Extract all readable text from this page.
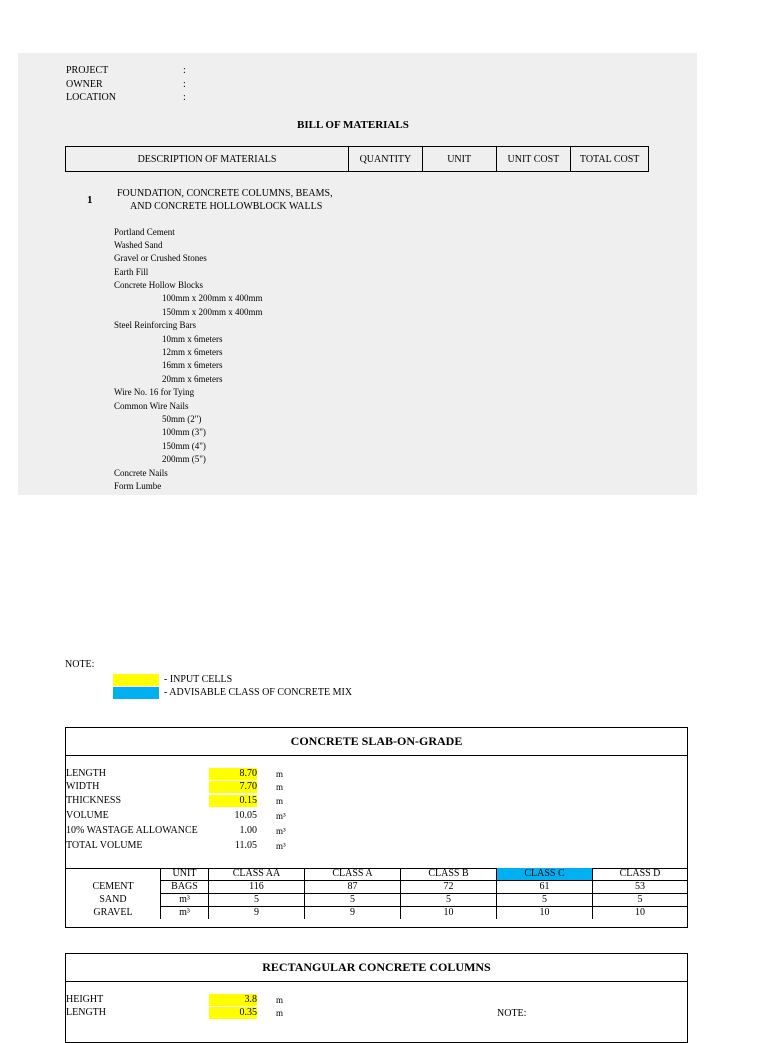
PROJECT	:
OWNER	:
LOCATION	:
BILL OF MATERIALS
DESCRIPTION OF MATERIALS	QUANTITY	UNIT	UNIT COST	TOTAL COST
1
FOUNDATION, CONCRETE COLUMNS, BEAMS,
AND CONCRETE HOLLOWBLOCK WALLS
Portland Cement
Washed Sand
Gravel or Crushed Stones
Earth Fill
Concrete Hollow Blocks
100mm x 200mm x 400mm
150mm x 200mm x 400mm
Steel Reinforcing Bars
10mm x 6meters
12mm x 6meters
16mm x 6meters
20mm x 6meters
Wire No. 16 for Tying
Common Wire Nails
50mm (2")
100mm (3")
150mm (4")
200mm (5")
Concrete Nails
Form Lumbe
NOTE:
- INPUT CELLS
- ADVISABLE CLASS OF CONCRETE MIX
CONCRETE SLAB-ON-GRADE
LENGTH	8.70 m
WIDTH	7.70 m
THICKNESS	0.15 m
VOLUME	10.05 m³
10% WASTAGE ALLOWANCE	1.00 m³
TOTAL VOLUME	11.05 m³
	UNIT	CLASS AA	CLASS A	CLASS B	CLASS C	CLASS D
CEMENT	BAGS	116	87	72	61	53
SAND	m³	5	5	5	5	5
GRAVEL	m³	9	9	10	10	10
RECTANGULAR CONCRETE COLUMNS
HEIGHT	3.8 m
LENGTH	0.35 m	NOTE:
